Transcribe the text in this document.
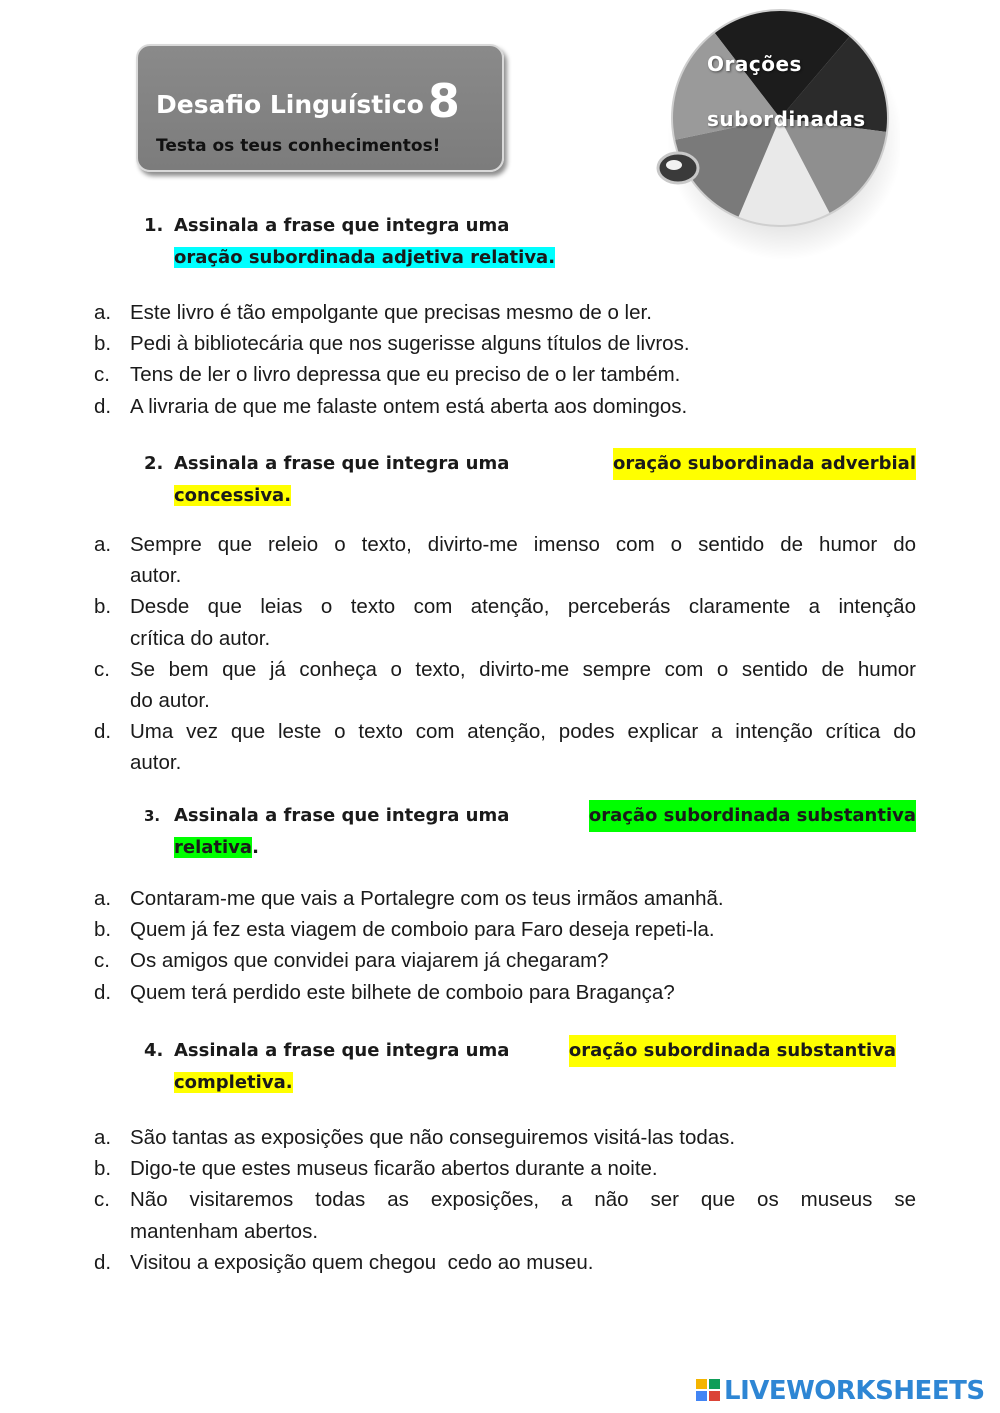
Desafio Linguístico8
Testa os teus conhecimentos!
Orações
subordinadas
1. Assinala a frase que integra uma
oração subordinada adjetiva relativa.
a. Este livro é tão empolgante que precisas mesmo de o ler.
b. Pedi à bibliotecária que nos sugerisse alguns títulos de livros.
c. Tens de ler o livro depressa que eu preciso de o ler também.
d. A livraria de que me falaste ontem está aberta aos domingos.
2. Assinala a frase que integra uma	oração subordinada adverbial
concessiva.
a. Sempre que releio o texto, divirto-me imenso com o sentido de humor do
autor.
b. Desde que leias o texto com atenção, perceberás claramente a intenção
crítica do autor.
c. Se bem que já conheça o texto, divirto-me sempre com o sentido de humor
do autor.
d. Uma vez que leste o texto com atenção, podes explicar a intenção crítica do
autor.
3. Assinala a frase que integra uma	oração subordinada substantiva
relativa.
a. Contaram-me que vais a Portalegre com os teus irmãos amanhã.
b. Quem já fez esta viagem de comboio para Faro deseja repeti-la.
c. Os amigos que convidei para viajarem já chegaram?
d. Quem terá perdido este bilhete de comboio para Bragança?
4. Assinala a frase que integra uma	oração subordinada substantiva
completiva.
a. São tantas as exposições que não conseguiremos visitá-las todas.
b. Digo-te que estes museus ficarão abertos durante a noite.
c. Não visitaremos todas as exposições, a não ser que os museus se
mantenham abertos.
d. Visitou a exposição quem chegou  cedo ao museu.
LIVEWORKSHEETS
